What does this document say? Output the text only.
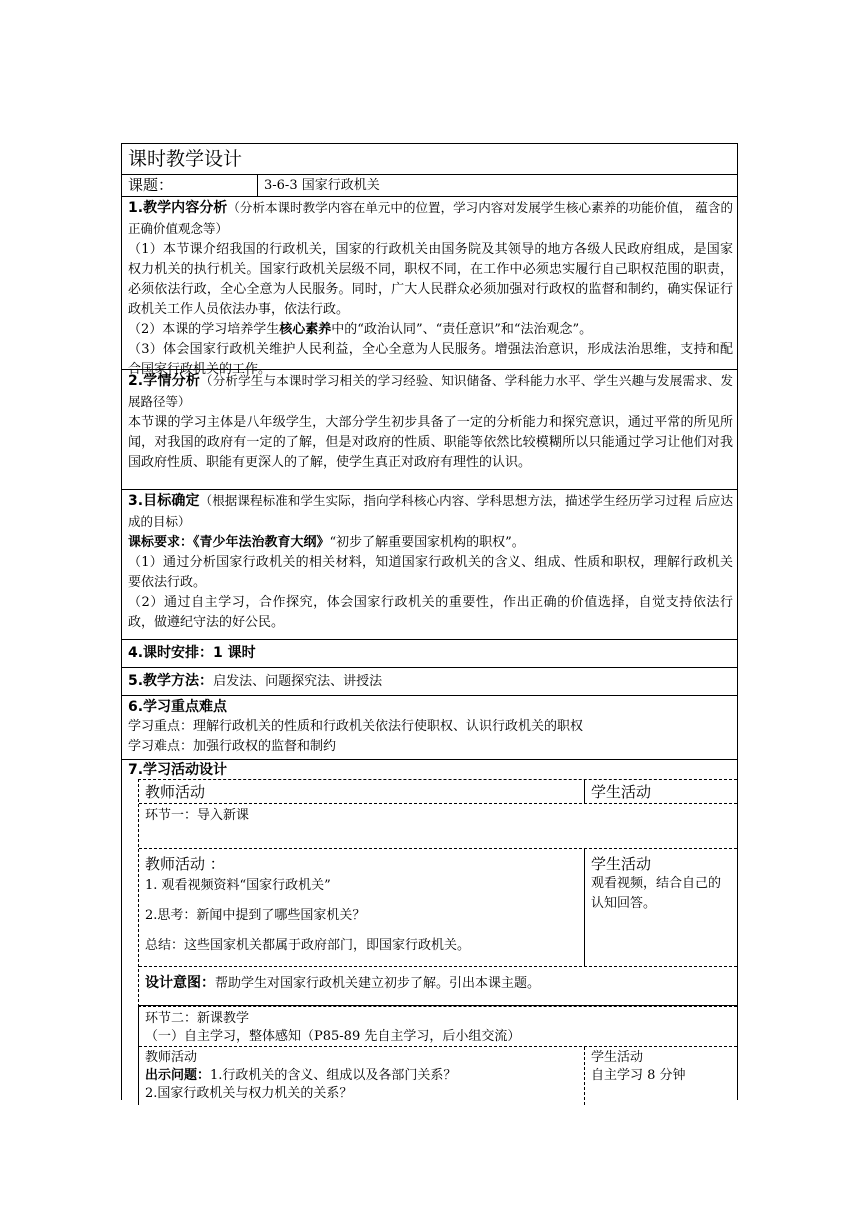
课时教学设计
课题：	3-6-3 国家行政机关
1.教学内容分析（分析本课时教学内容在单元中的位置，学习内容对发展学生核心素养的功能价值， 蕴含的正确价值观念等）
（1）本节课介绍我国的行政机关，国家的行政机关由国务院及其领导的地方各级人民政府组成，是国家权力机关的执行机关。国家行政机关层级不同，职权不同，在工作中必须忠实履行自己职权范围的职责，必须依法行政，全心全意为人民服务。同时，广大人民群众必须加强对行政权的监督和制约，确实保证行政机关工作人员依法办事，依法行政。
（2）本课的学习培养学生核心素养中的“政治认同”、“责任意识”和“法治观念”。
（3）体会国家行政机关维护人民利益，全心全意为人民服务。增强法治意识，形成法治思维，支持和配合国家行政机关的工作。
2.学情分析（分析学生与本课时学习相关的学习经验、知识储备、学科能力水平、学生兴趣与发展需求、发展路径等）
本节课的学习主体是八年级学生，大部分学生初步具备了一定的分析能力和探究意识，通过平常的所见所闻，对我国的政府有一定的了解，但是对政府的性质、职能等依然比较模糊所以只能通过学习让他们对我国政府性质、职能有更深人的了解，使学生真正对政府有理性的认识。
3.目标确定（根据课程标准和学生实际，指向学科核心内容、学科思想方法，描述学生经历学习过程 后应达成的目标）
课标要求：《青少年法治教育大纲》“初步了解重要国家机构的职权”。
（1）通过分析国家行政机关的相关材料，知道国家行政机关的含义、组成、性质和职权，理解行政机关要依法行政。
（2）通过自主学习，合作探究，体会国家行政机关的重要性，作出正确的价值选择，自觉支持依法行政，做遵纪守法的好公民。
4.课时安排：1 课时
5.教学方法：启发法、问题探究法、讲授法
6.学习重点难点
学习重点：理解行政机关的性质和行政机关依法行使职权、认识行政机关的职权
学习难点：加强行政权的监督和制约
7.学习活动设计
教师活动	学生活动
环节一：导入新课
教师活动 ：
1. 观看视频资料“国家行政机关”
2.思考：新闻中提到了哪些国家机关？
总结：这些国家机关都属于政府部门，即国家行政机关。
学生活动
观看视频，结合自己的认知回答。
设计意图：帮助学生对国家行政机关建立初步了解。引出本课主题。
环节二：新课教学
（一）自主学习，整体感知（P85-89 先自主学习，后小组交流）
教师活动
出示问题：1.行政机关的含义、组成以及各部门关系？
2.国家行政机关与权力机关的关系？
学生活动
自主学习 8 分钟
